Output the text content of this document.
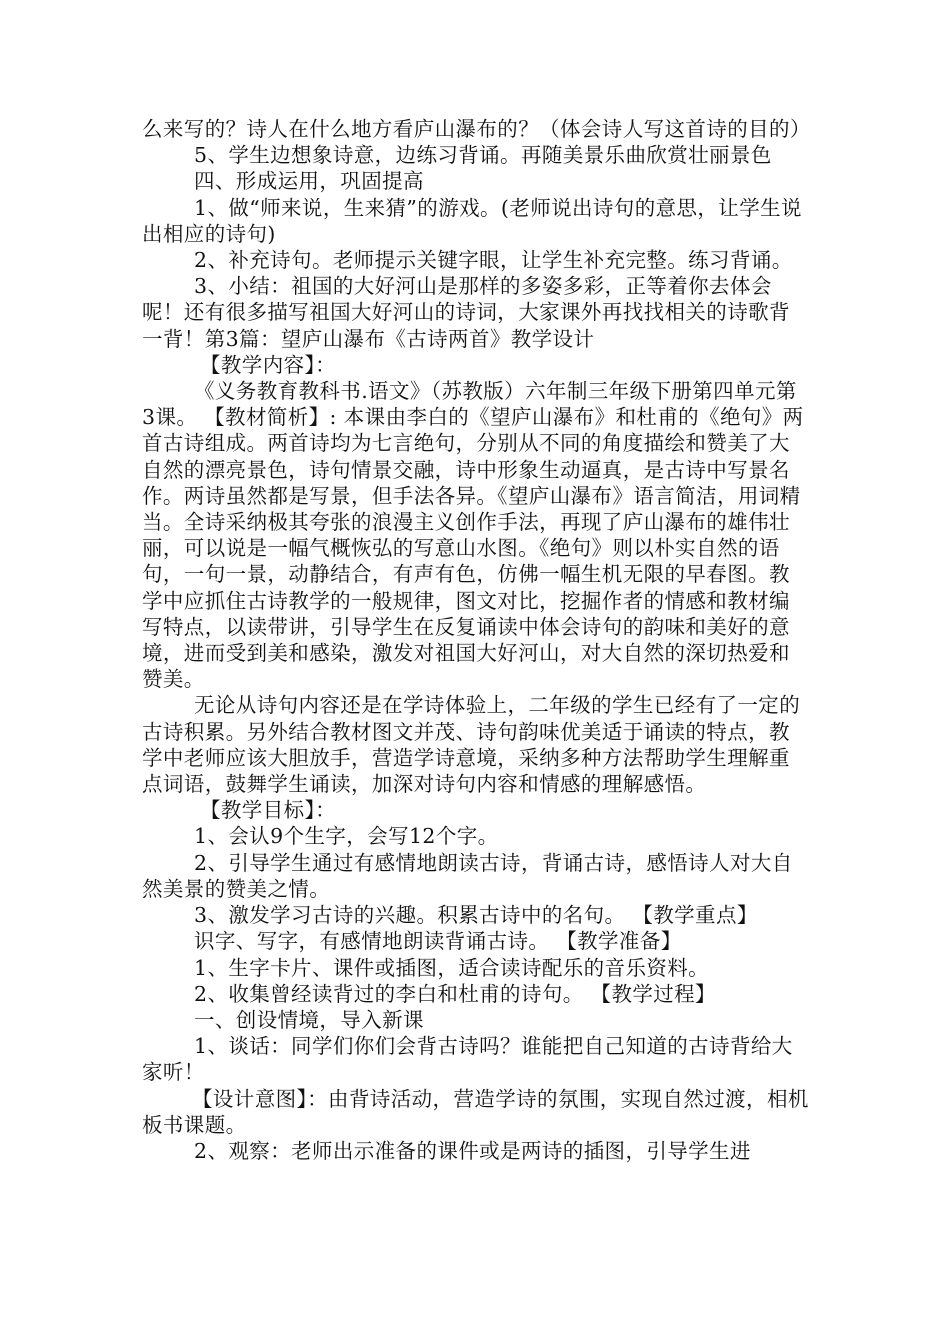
么来写的？诗人在什么地方看庐山瀑布的？（体会诗人写这首诗的目的）

5、学生边想象诗意，边练习背诵。再随美景乐曲欣赏壮丽景色

四、形成运用，巩固提高

1、做“师来说，生来猜”的游戏。(老师说出诗句的意思，让学生说出相应的诗句)

2、补充诗句。老师提示关键字眼，让学生补充完整。练习背诵。

3、小结：祖国的大好河山是那样的多姿多彩，正等着你去体会呢！还有很多描写祖国大好河山的诗词，大家课外再找找相关的诗歌背一背！第3篇：望庐山瀑布《古诗两首》教学设计

【教学内容】：

《义务教育教科书.语文》（苏教版）六年制三年级下册第四单元第3课。 【教材简析】: 本课由李白的《望庐山瀑布》和杜甫的《绝句》两首古诗组成。两首诗均为七言绝句，分别从不同的角度描绘和赞美了大自然的漂亮景色，诗句情景交融，诗中形象生动逼真，是古诗中写景名作。两诗虽然都是写景，但手法各异。《望庐山瀑布》语言简洁，用词精当。全诗采纳极其夸张的浪漫主义创作手法，再现了庐山瀑布的雄伟壮丽，可以说是一幅气概恢弘的写意山水图。《绝句》则以朴实自然的语句，一句一景，动静结合，有声有色，仿佛一幅生机无限的早春图。教学中应抓住古诗教学的一般规律，图文对比，挖掘作者的情感和教材编写特点，以读带讲，引导学生在反复诵读中体会诗句的韵味和美好的意境，进而受到美和感染，激发对祖国大好河山，对大自然的深切热爱和赞美。

无论从诗句内容还是在学诗体验上，二年级的学生已经有了一定的古诗积累。另外结合教材图文并茂、诗句韵味优美适于诵读的特点，教学中老师应该大胆放手，营造学诗意境，采纳多种方法帮助学生理解重点词语，鼓舞学生诵读，加深对诗句内容和情感的理解感悟。

【教学目标】：

1、会认9个生字，会写12个字。

2、引导学生通过有感情地朗读古诗，背诵古诗，感悟诗人对大自然美景的赞美之情。

3、激发学习古诗的兴趣。积累古诗中的名句。 【教学重点】

识字、写字，有感情地朗读背诵古诗。 【教学准备】

1、生字卡片、课件或插图，适合读诗配乐的音乐资料。

2、收集曾经读背过的李白和杜甫的诗句。 【教学过程】

一、创设情境，导入新课

1、谈话：同学们你们会背古诗吗？谁能把自己知道的古诗背给大家听！

【设计意图】：由背诗活动，营造学诗的氛围，实现自然过渡，相机板书课题。

2、观察：老师出示准备的课件或是两诗的插图，引导学生进
